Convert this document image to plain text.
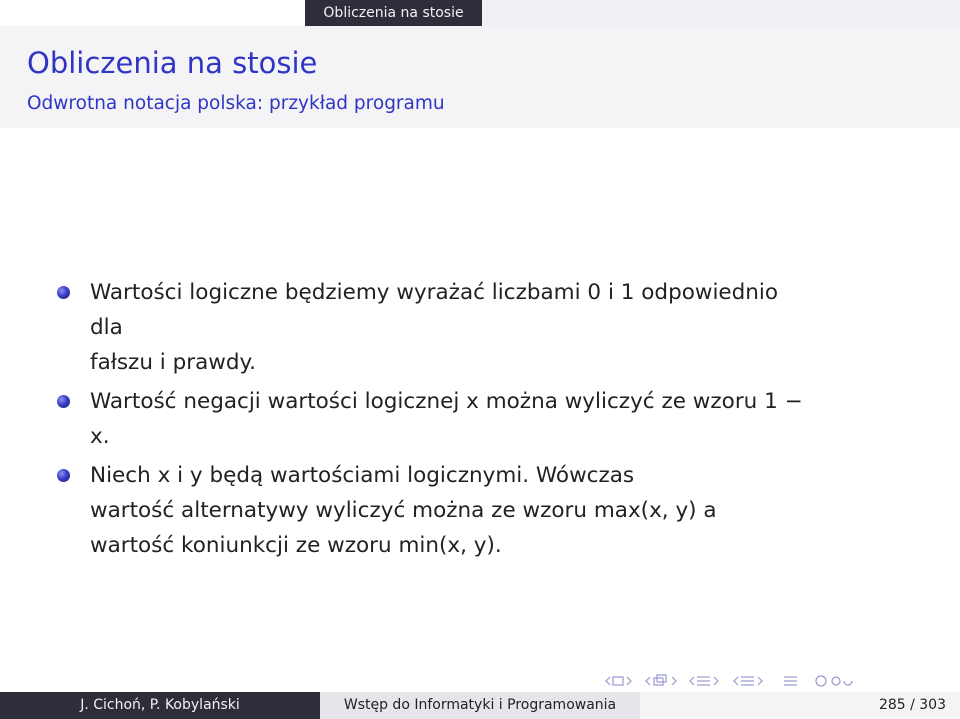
Obliczenia na stosie
Obliczenia na stosie
Odwrotna notacja polska: przykład programu
Wartości logiczne będziemy wyrażać liczbami 0 i 1 odpowiednio dla
fałszu i prawdy.
Wartość negacji wartości logicznej x można wyliczyć ze wzoru 1 − x.
Niech x i y będą wartościami logicznymi. Wówczas
wartość alternatywy wyliczyć można ze wzoru max(x, y) a
wartość koniunkcji ze wzoru min(x, y).
J. Cichoń, P. Kobylański	Wstęp do Informatyki i Programowania	285 / 303
